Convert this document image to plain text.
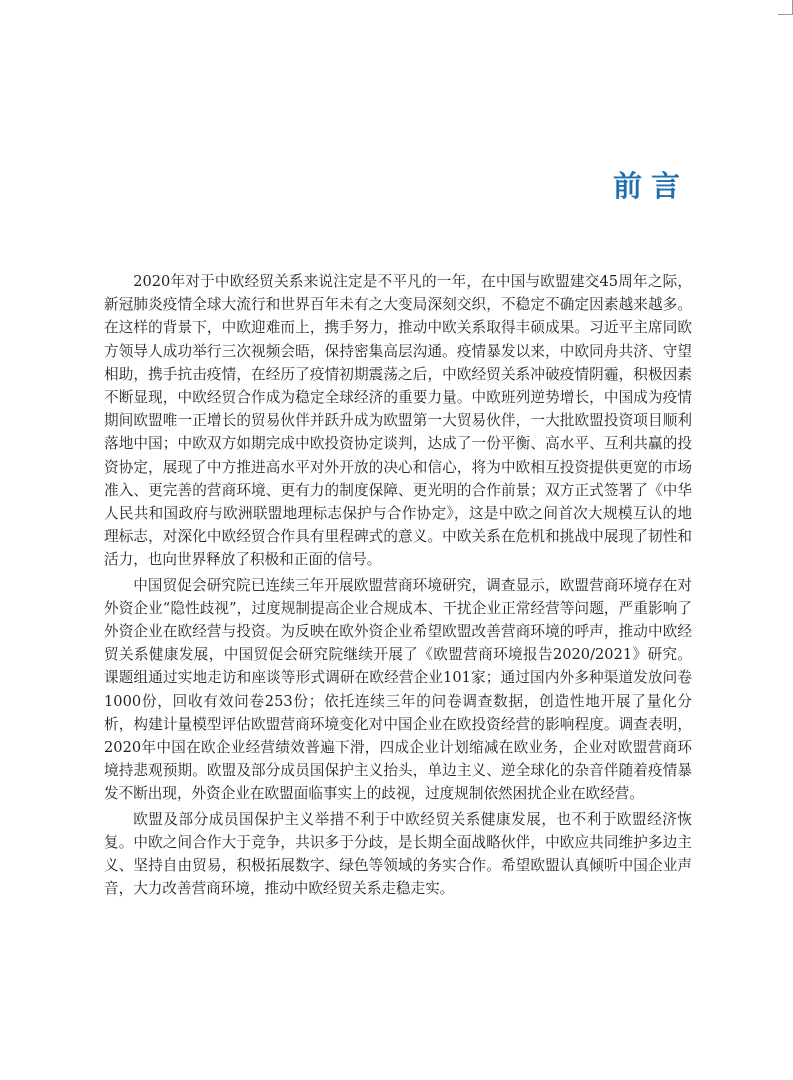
前言

2020年对于中欧经贸关系来说注定是不平凡的一年，在中国与欧盟建交45周年之际，新冠肺炎疫情全球大流行和世界百年未有之大变局深刻交织，不稳定不确定因素越来越多。在这样的背景下，中欧迎难而上，携手努力，推动中欧关系取得丰硕成果。习近平主席同欧方领导人成功举行三次视频会晤，保持密集高层沟通。疫情暴发以来，中欧同舟共济、守望相助，携手抗击疫情，在经历了疫情初期震荡之后，中欧经贸关系冲破疫情阴霾，积极因素不断显现，中欧经贸合作成为稳定全球经济的重要力量。中欧班列逆势增长，中国成为疫情期间欧盟唯一正增长的贸易伙伴并跃升成为欧盟第一大贸易伙伴，一大批欧盟投资项目顺利落地中国；中欧双方如期完成中欧投资协定谈判，达成了一份平衡、高水平、互利共赢的投资协定，展现了中方推进高水平对外开放的决心和信心，将为中欧相互投资提供更宽的市场准入、更完善的营商环境、更有力的制度保障、更光明的合作前景；双方正式签署了《中华人民共和国政府与欧洲联盟地理标志保护与合作协定》，这是中欧之间首次大规模互认的地理标志，对深化中欧经贸合作具有里程碑式的意义。中欧关系在危机和挑战中展现了韧性和活力，也向世界释放了积极和正面的信号。

中国贸促会研究院已连续三年开展欧盟营商环境研究，调查显示，欧盟营商环境存在对外资企业“隐性歧视”，过度规制提高企业合规成本、干扰企业正常经营等问题，严重影响了外资企业在欧经营与投资。为反映在欧外资企业希望欧盟改善营商环境的呼声，推动中欧经贸关系健康发展，中国贸促会研究院继续开展了《欧盟营商环境报告2020/2021》研究。课题组通过实地走访和座谈等形式调研在欧经营企业101家；通过国内外多种渠道发放问卷1000份，回收有效问卷253份；依托连续三年的问卷调查数据，创造性地开展了量化分析，构建计量模型评估欧盟营商环境变化对中国企业在欧投资经营的影响程度。调查表明，2020年中国在欧企业经营绩效普遍下滑，四成企业计划缩减在欧业务，企业对欧盟营商环境持悲观预期。欧盟及部分成员国保护主义抬头，单边主义、逆全球化的杂音伴随着疫情暴发不断出现，外资企业在欧盟面临事实上的歧视，过度规制依然困扰企业在欧经营。

欧盟及部分成员国保护主义举措不利于中欧经贸关系健康发展，也不利于欧盟经济恢复。中欧之间合作大于竞争，共识多于分歧，是长期全面战略伙伴，中欧应共同维护多边主义、坚持自由贸易，积极拓展数字、绿色等领域的务实合作。希望欧盟认真倾听中国企业声音，大力改善营商环境，推动中欧经贸关系走稳走实。
